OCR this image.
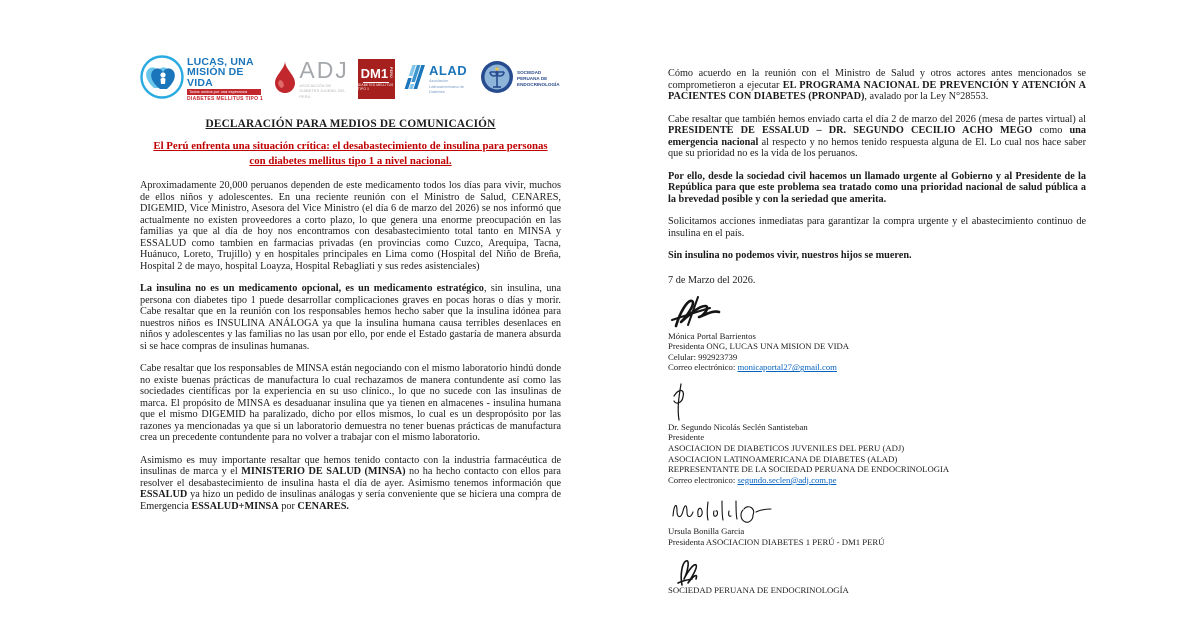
LUCAS, UNA
MISIÓN DE VIDA
Todos unidos por una esperanza
DIABETES MELLITUS TIPO 1
ADJ
ASOCIACIÓN DE DIABETES JUVENIL DEL PERÚ
DM1 PERÚ
DIABETES MELLITUS TIPO 1
ALAD
Asociación Latinoamericana de Diabetes
SOCIEDAD PERUANA DE ENDOCRINOLOGÍA
DECLARACIÓN PARA MEDIOS DE COMUNICACIÓN
El Perú enfrenta una situación crítica: el desabastecimiento de insulina para personas con diabetes mellitus tipo 1 a nivel nacional.

Aproximadamente 20,000 peruanos dependen de este medicamento todos los días para vivir, muchos de ellos niños y adolescentes. En una reciente reunión con el Ministro de Salud, CENARES, DIGEMID, Vice Ministro, Asesora del Vice Ministro (el día 6 de marzo del 2026) se nos informó que actualmente no existen proveedores a corto plazo, lo que genera una enorme preocupación en las familias ya que al día de hoy nos encontramos con desabastecimiento total tanto en MINSA y ESSALUD como tambien en farmacias privadas (en provincias como Cuzco, Arequipa, Tacna, Huánuco, Loreto, Trujillo) y en hospitales principales en Lima como (Hospital del Niño de Breña, Hospital 2 de mayo, hospital Loayza, Hospital Rebagliati y sus redes asistenciales)

La insulina no es un medicamento opcional, es un medicamento estratégico, sin insulina, una persona con diabetes tipo 1 puede desarrollar complicaciones graves en pocas horas o días y morir. Cabe resaltar que en la reunión con los responsables hemos hecho saber que la insulina idónea para nuestros niños es INSULINA ANÁLOGA ya que la insulina humana causa terribles desenlaces en niños y adolescentes y las familias no las usan por ello, por ende el Estado gastaría de manera absurda si se hace compras de insulinas humanas.

Cabe resaltar que los responsables de MINSA están negociando con el mismo laboratorio hindú donde no existe buenas prácticas de manufactura lo cual rechazamos de manera contundente así como las sociedades científicas por la experiencia en su uso clínico., lo que no sucede con las insulinas de marca. El propósito de MINSA es desaduanar insulina que ya tienen en almacenes - insulina humana que el mismo DIGEMID ha paralizado, dicho por ellos mismos, lo cual es un despropósito por las razones ya mencionadas ya que si un laboratorio demuestra no tener buenas prácticas de manufactura crea un precedente contundente para no volver a trabajar con el mismo laboratorio.

Asimismo es muy importante resaltar que hemos tenido contacto con la industria farmacéutica de insulinas de marca y el MINISTERIO DE SALUD (MINSA) no ha hecho contacto con ellos para resolver el desabastecimiento de insulina hasta el día de ayer. Asimismo tenemos información que ESSALUD ya hizo un pedido de insulinas análogas y sería conveniente que se hiciera una compra de Emergencia ESSALUD+MINSA por CENARES.

Cómo acuerdo en la reunión con el Ministro de Salud y otros actores antes mencionados se comprometieron a ejecutar EL PROGRAMA NACIONAL DE PREVENCIÓN Y ATENCIÓN A PACIENTES CON DIABETES (PRONPAD), avalado por la Ley N°28553.

Cabe resaltar que también hemos enviado carta el día 2 de marzo del 2026 (mesa de partes virtual) al PRESIDENTE DE ESSALUD – DR. SEGUNDO CECILIO ACHO MEGO como una emergencia nacional al respecto y no hemos tenido respuesta alguna de El. Lo cual nos hace saber que su prioridad no es la vida de los peruanos.

Por ello, desde la sociedad civil hacemos un llamado urgente al Gobierno y al Presidente de la República para que este problema sea tratado como una prioridad nacional de salud pública a la brevedad posible y con la seriedad que amerita.

Solicitamos acciones inmediatas para garantizar la compra urgente y el abastecimiento continuo de insulina en el país.

Sin insulina no podemos vivir, nuestros hijos se mueren.

7 de Marzo del 2026.
Mónica Portal Barrientos
Presidenta ONG, LUCAS UNA MISION DE VIDA
Celular: 992923739
Correo electrónico: monicaportal27@gmail.com
Dr. Segundo Nicolás Seclén Santisteban
Presidente
ASOCIACION DE DIABETICOS JUVENILES DEL PERU (ADJ)
ASOCIACION LATINOAMERICANA DE DIABETES (ALAD)
REPRESENTANTE DE LA SOCIEDAD PERUANA DE ENDOCRINOLOGIA
Correo electronico: segundo.seclen@adj.com.pe
Ursula Bonilla Garcia
Presidenta ASOCIACION DIABETES 1 PERÚ - DM1 PERÚ
SOCIEDAD PERUANA DE ENDOCRINOLOGÍA
